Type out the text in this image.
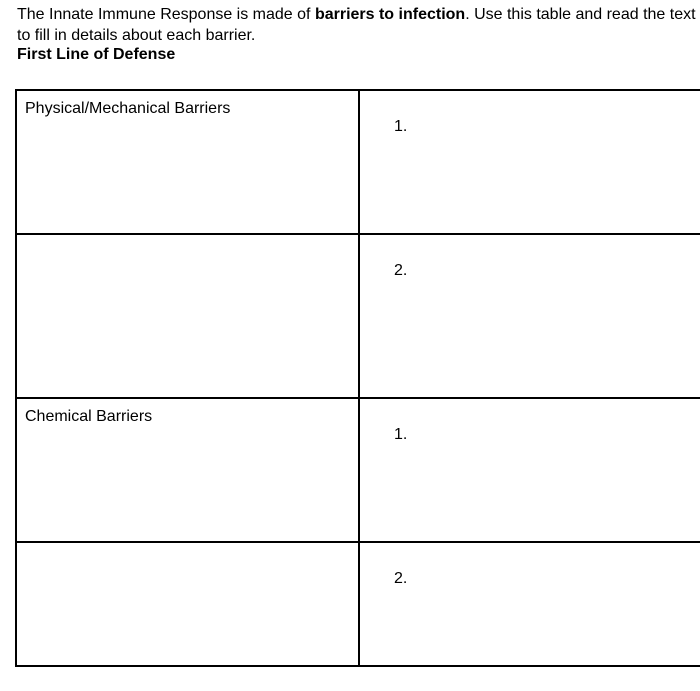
The Innate Immune Response is made of barriers to infection. Use this table and read the text
to fill in details about each barrier.
First Line of Defense
Physical/Mechanical Barriers	1.

	2.

Chemical Barriers	1.

	2.
